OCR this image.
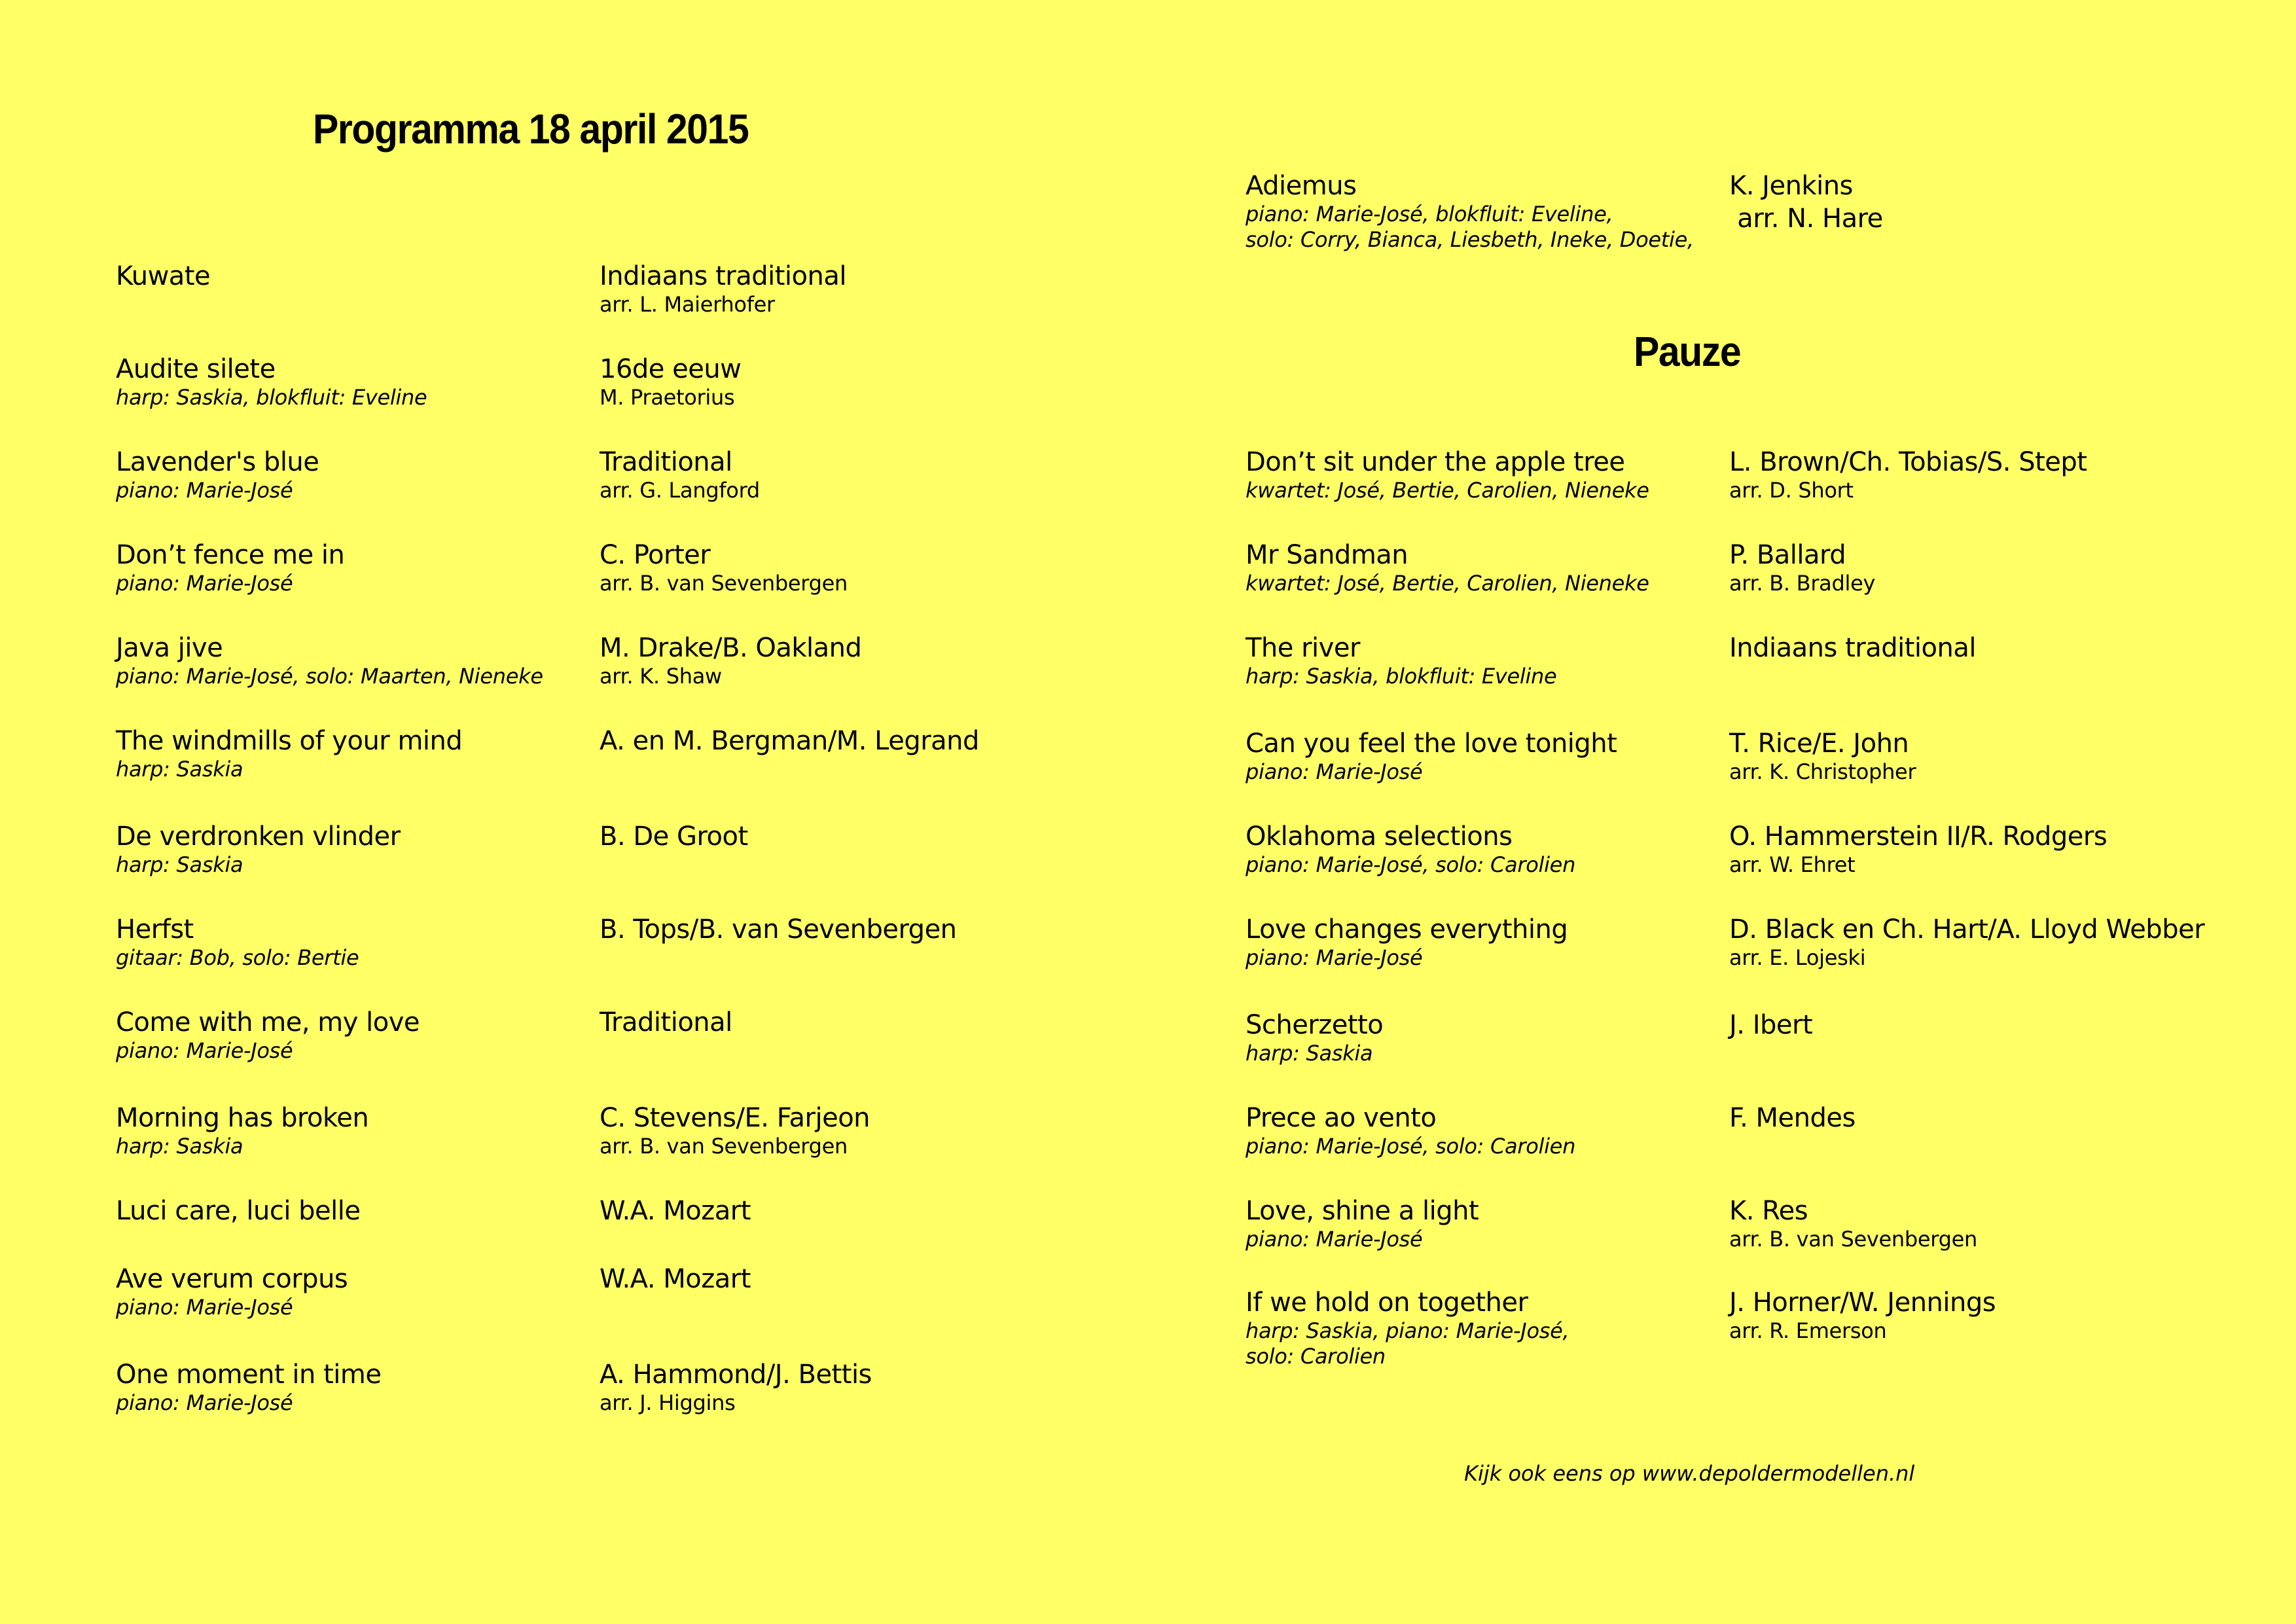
Programma 18 april 2015
Kuwate	Indiaans traditional
arr. L. Maierhofer
Audite silete
harp: Saskia, blokfluit: Eveline
16de eeuw
M. Praetorius
Lavender's blue
piano: Marie-José
Traditional
arr. G. Langford
Don’t fence me in
piano: Marie-José
C. Porter
arr. B. van Sevenbergen
Java jive
piano: Marie-José, solo: Maarten, Nieneke
M. Drake/B. Oakland
arr. K. Shaw
The windmills of your mind
harp: Saskia
A. en M. Bergman/M. Legrand
De verdronken vlinder
harp: Saskia
B. De Groot
Herfst
gitaar: Bob, solo: Bertie
B. Tops/B. van Sevenbergen
Come with me, my love
piano: Marie-José
Traditional
Morning has broken
harp: Saskia
C. Stevens/E. Farjeon
arr. B. van Sevenbergen
Luci care, luci belle	W.A. Mozart
Ave verum corpus
piano: Marie-José
W.A. Mozart
One moment in time
piano: Marie-José
A. Hammond/J. Bettis
arr. J. Higgins
Adiemus
piano: Marie-José, blokfluit: Eveline,
solo: Corry, Bianca, Liesbeth, Ineke, Doetie,
K. Jenkins
arr. N. Hare
Pauze
Don’t sit under the apple tree
kwartet: José, Bertie, Carolien, Nieneke
L. Brown/Ch. Tobias/S. Stept
arr. D. Short
Mr Sandman
kwartet: José, Bertie, Carolien, Nieneke
P. Ballard
arr. B. Bradley
The river
harp: Saskia, blokfluit: Eveline
Indiaans traditional
Can you feel the love tonight
piano: Marie-José
T. Rice/E. John
arr. K. Christopher
Oklahoma selections
piano: Marie-José, solo: Carolien
O. Hammerstein II/R. Rodgers
arr. W. Ehret
Love changes everything
piano: Marie-José
D. Black en Ch. Hart/A. Lloyd Webber
arr. E. Lojeski
Scherzetto
harp: Saskia
J. Ibert
Prece ao vento
piano: Marie-José, solo: Carolien
F. Mendes
Love, shine a light
piano: Marie-José
K. Res
arr. B. van Sevenbergen
If we hold on together
harp: Saskia, piano: Marie-José,
solo: Carolien
J. Horner/W. Jennings
arr. R. Emerson
Kijk ook eens op www.depoldermodellen.nl
